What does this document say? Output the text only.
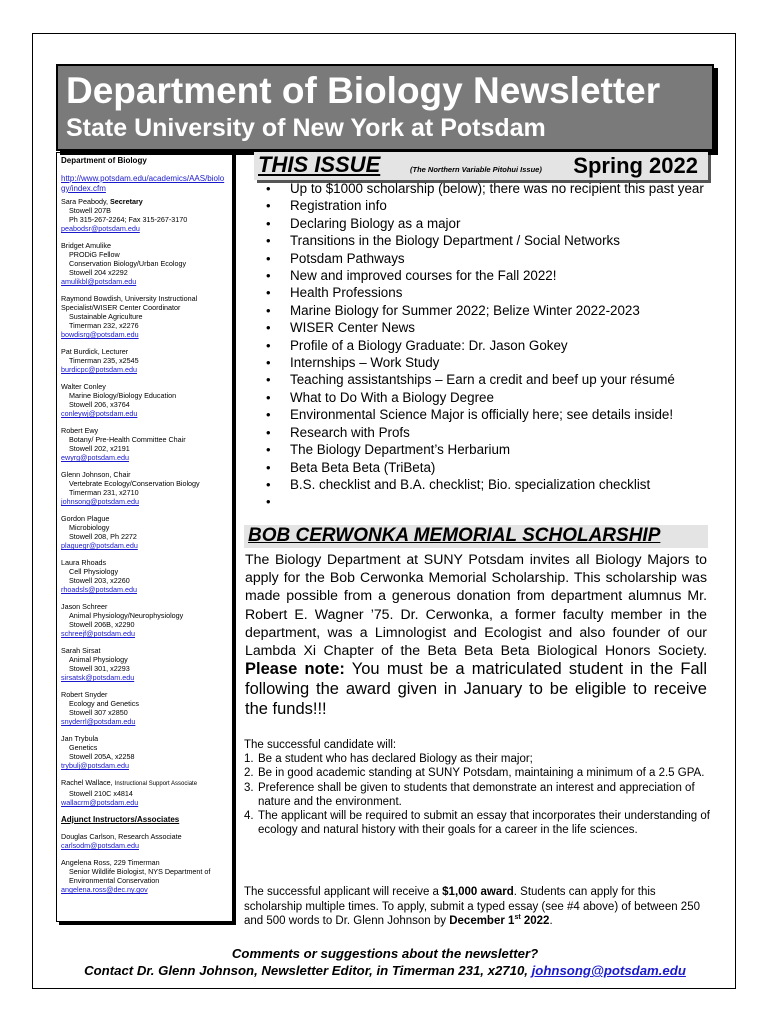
Department of Biology Newsletter
State University of New York at Potsdam
Department of Biology
http://www.potsdam.edu/academics/AAS/biology/index.cfm
Sara Peabody, Secretary
Stowell 207B
Ph 315-267-2264; Fax 315-267-3170
peabodsr@potsdam.edu
Bridget Amulike
PRODiG Fellow
Conservation Biology/Urban Ecology
Stowell 204 x2292
amulikbl@potsdam.edu
Raymond Bowdish, University Instructional Specialist/WISER Center Coordinator
Sustainable Agriculture
Timerman 232, x2276
bowdisrg@potsdam.edu
Pat Burdick, Lecturer
Timerman 235, x2545
burdicpc@potsdam.edu
Walter Conley
Marine Biology/Biology Education
Stowell 206, x3764
conleywj@potsdam.edu
Robert Ewy
Botany/ Pre-Health Committee Chair
Stowell 202, x2191
ewyrg@potsdam.edu
Glenn Johnson, Chair
Vertebrate Ecology/Conservation Biology
Timerman 231, x2710
johnsong@potsdam.edu
Gordon Plague
Microbiology
Stowell 208, Ph 2272
plaguegr@potsdam.edu
Laura Rhoads
Cell Physiology
Stowell 203, x2260
rhoadsls@potsdam.edu
Jason Schreer
Animal Physiology/Neurophysiology
Stowell 206B, x2290
schreejf@potsdam.edu
Sarah Sirsat
Animal Physiology
Stowell 301, x2293
sirsatsk@potsdam.edu
Robert Snyder
Ecology and Genetics
Stowell 307 x2850
snyderrl@potsdam.edu
Jan Trybula
Genetics
Stowell 205A, x2258
trybulj@potsdam.edu
Rachel Wallace, Instructional Support Associate
Stowell 210C x4814
wallacrm@potsdam.edu
Adjunct Instructors/Associates
Douglas Carlson, Research Associate
carlsodm@potsdam.edu
Angelena Ross, 229 Timerman
Senior Wildlife Biologist, NYS Department of Environmental Conservation
angelena.ross@dec.ny.gov
THIS ISSUE	(The Northern Variable Pitohui Issue) Spring 2022
• Up to $1000 scholarship (below); there was no recipient this past year
• Registration info
• Declaring Biology as a major
• Transitions in the Biology Department / Social Networks
• Potsdam Pathways
• New and improved courses for the Fall 2022!
• Health Professions
• Marine Biology for Summer 2022; Belize Winter 2022-2023
• WISER Center News
• Profile of a Biology Graduate: Dr. Jason Gokey
• Internships – Work Study
• Teaching assistantships – Earn a credit and beef up your résumé
• What to Do With a Biology Degree
• Environmental Science Major is officially here; see details inside!
• Research with Profs
• The Biology Department’s Herbarium
• Beta Beta Beta (TriBeta)
• B.S. checklist and B.A. checklist; Bio. specialization checklist
•
BOB CERWONKA MEMORIAL SCHOLARSHIP

The Biology Department at SUNY Potsdam invites all Biology Majors to apply for the Bob Cerwonka Memorial Scholarship. This scholarship was made possible from a generous donation from department alumnus Mr. Robert E. Wagner ’75. Dr. Cerwonka, a former faculty member in the department, was a Limnologist and Ecologist and also founder of our Lambda Xi Chapter of the Beta Beta Beta Biological Honors Society. Please note: You must be a matriculated student in the Fall following the award given in January to be eligible to receive the funds!!!

The successful candidate will:
1. Be a student who has declared Biology as their major;
2. Be in good academic standing at SUNY Potsdam, maintaining a minimum of a 2.5 GPA.
3. Preference shall be given to students that demonstrate an interest and appreciation of nature and the environment.
4. The applicant will be required to submit an essay that incorporates their understanding of ecology and natural history with their goals for a career in the life sciences.

The successful applicant will receive a $1,000 award. Students can apply for this scholarship multiple times. To apply, submit a typed essay (see #4 above) of between 250 and 500 words to Dr. Glenn Johnson by December 1st 2022.

Comments or suggestions about the newsletter?
Contact Dr. Glenn Johnson, Newsletter Editor, in Timerman 231, x2710, johnsong@potsdam.edu
